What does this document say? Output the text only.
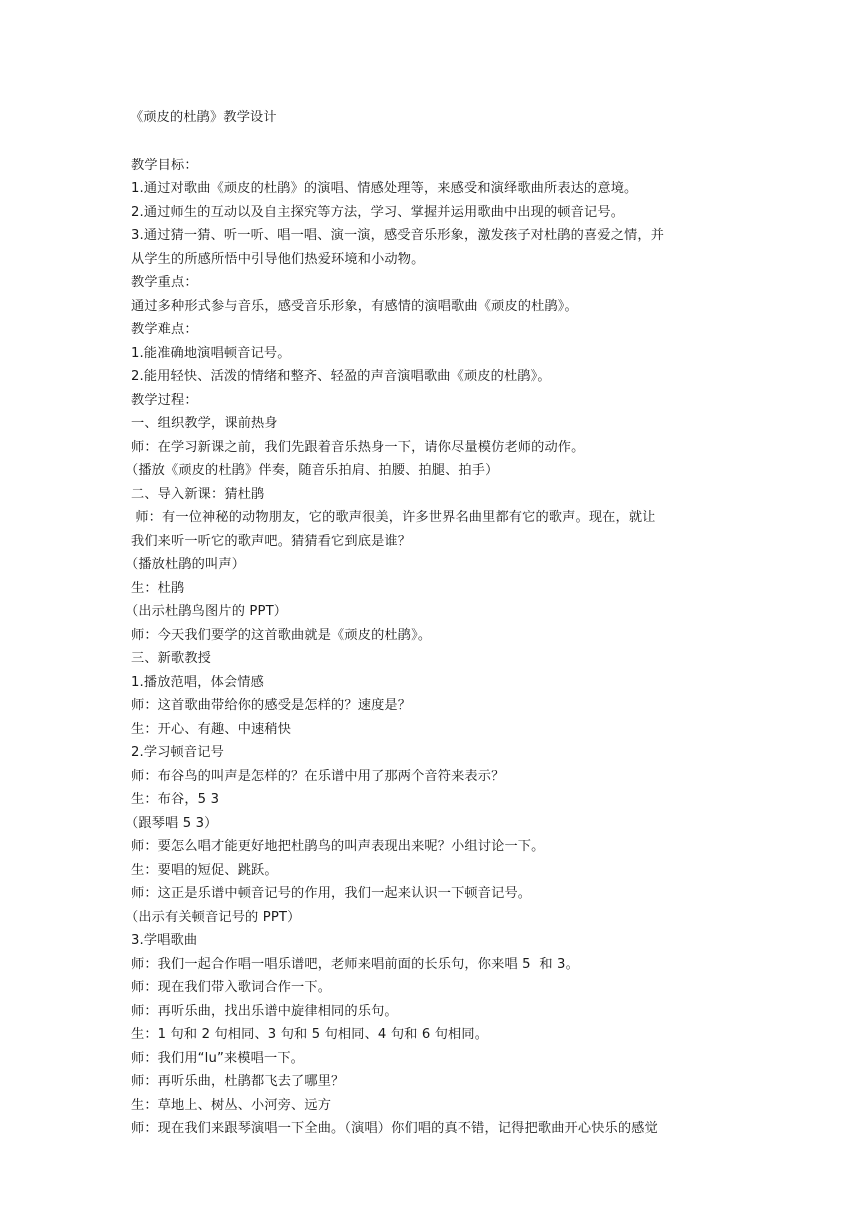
《顽皮的杜鹃》教学设计
教学目标：
1.通过对歌曲《顽皮的杜鹃》的演唱、情感处理等，来感受和演绎歌曲所表达的意境。
2.通过师生的互动以及自主探究等方法，学习、掌握并运用歌曲中出现的顿音记号。
3.通过猜一猜、听一听、唱一唱、演一演，感受音乐形象，激发孩子对杜鹃的喜爱之情，并
从学生的所感所悟中引导他们热爱环境和小动物。
教学重点：
通过多种形式参与音乐，感受音乐形象，有感情的演唱歌曲《顽皮的杜鹃》。
教学难点：
1.能准确地演唱顿音记号。
2.能用轻快、活泼的情绪和整齐、轻盈的声音演唱歌曲《顽皮的杜鹃》。
教学过程：
一、组织教学，课前热身
师：在学习新课之前，我们先跟着音乐热身一下，请你尽量模仿老师的动作。
（播放《顽皮的杜鹃》伴奏，随音乐拍肩、拍腰、拍腿、拍手）
二、导入新课：猜杜鹃
师：有一位神秘的动物朋友，它的歌声很美，许多世界名曲里都有它的歌声。现在，就让
我们来听一听它的歌声吧。猜猜看它到底是谁？
（播放杜鹃的叫声）
生：杜鹃
（出示杜鹃鸟图片的 PPT）
师：今天我们要学的这首歌曲就是《顽皮的杜鹃》。
三、新歌教授
1.播放范唱，体会情感
师：这首歌曲带给你的感受是怎样的？速度是？
生：开心、有趣、中速稍快
2.学习顿音记号
师：布谷鸟的叫声是怎样的？在乐谱中用了那两个音符来表示？
生：布谷，5 3
（跟琴唱 5 3）
师：要怎么唱才能更好地把杜鹃鸟的叫声表现出来呢？小组讨论一下。
生：要唱的短促、跳跃。
师：这正是乐谱中顿音记号的作用，我们一起来认识一下顿音记号。
（出示有关顿音记号的 PPT）
3.学唱歌曲
师：我们一起合作唱一唱乐谱吧，老师来唱前面的长乐句，你来唱 5  和 3。
师：现在我们带入歌词合作一下。
师：再听乐曲，找出乐谱中旋律相同的乐句。
生：1 句和 2 句相同、3 句和 5 句相同、4 句和 6 句相同。
师：我们用“lu”来模唱一下。
师：再听乐曲，杜鹃都飞去了哪里？
生：草地上、树丛、小河旁、远方
师：现在我们来跟琴演唱一下全曲。（演唱）你们唱的真不错，记得把歌曲开心快乐的感觉
